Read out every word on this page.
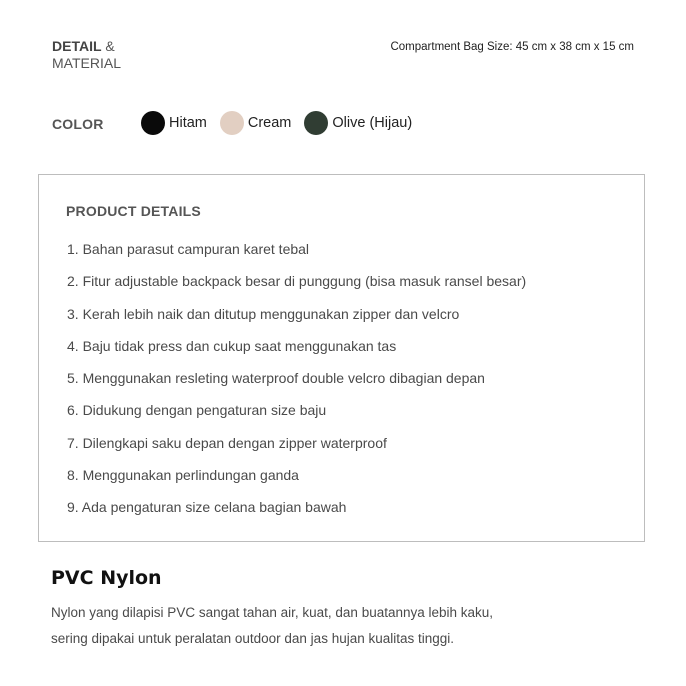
DETAIL &
MATERIAL
Compartment Bag Size: 45 cm x 38 cm x 15 cm
COLOR	Hitam	Cream	Olive (Hijau)
PRODUCT DETAILS
1. Bahan parasut campuran karet tebal
2. Fitur adjustable backpack besar di punggung (bisa masuk ransel besar)
3. Kerah lebih naik dan ditutup menggunakan zipper dan velcro
4. Baju tidak press dan cukup saat menggunakan tas
5. Menggunakan resleting waterproof double velcro dibagian depan
6. Didukung dengan pengaturan size baju
7. Dilengkapi saku depan dengan zipper waterproof
8. Menggunakan perlindungan ganda
9. Ada pengaturan size celana bagian bawah
PVC Nylon
Nylon yang dilapisi PVC sangat tahan air, kuat, dan buatannya lebih kaku,
sering dipakai untuk peralatan outdoor dan jas hujan kualitas tinggi.
